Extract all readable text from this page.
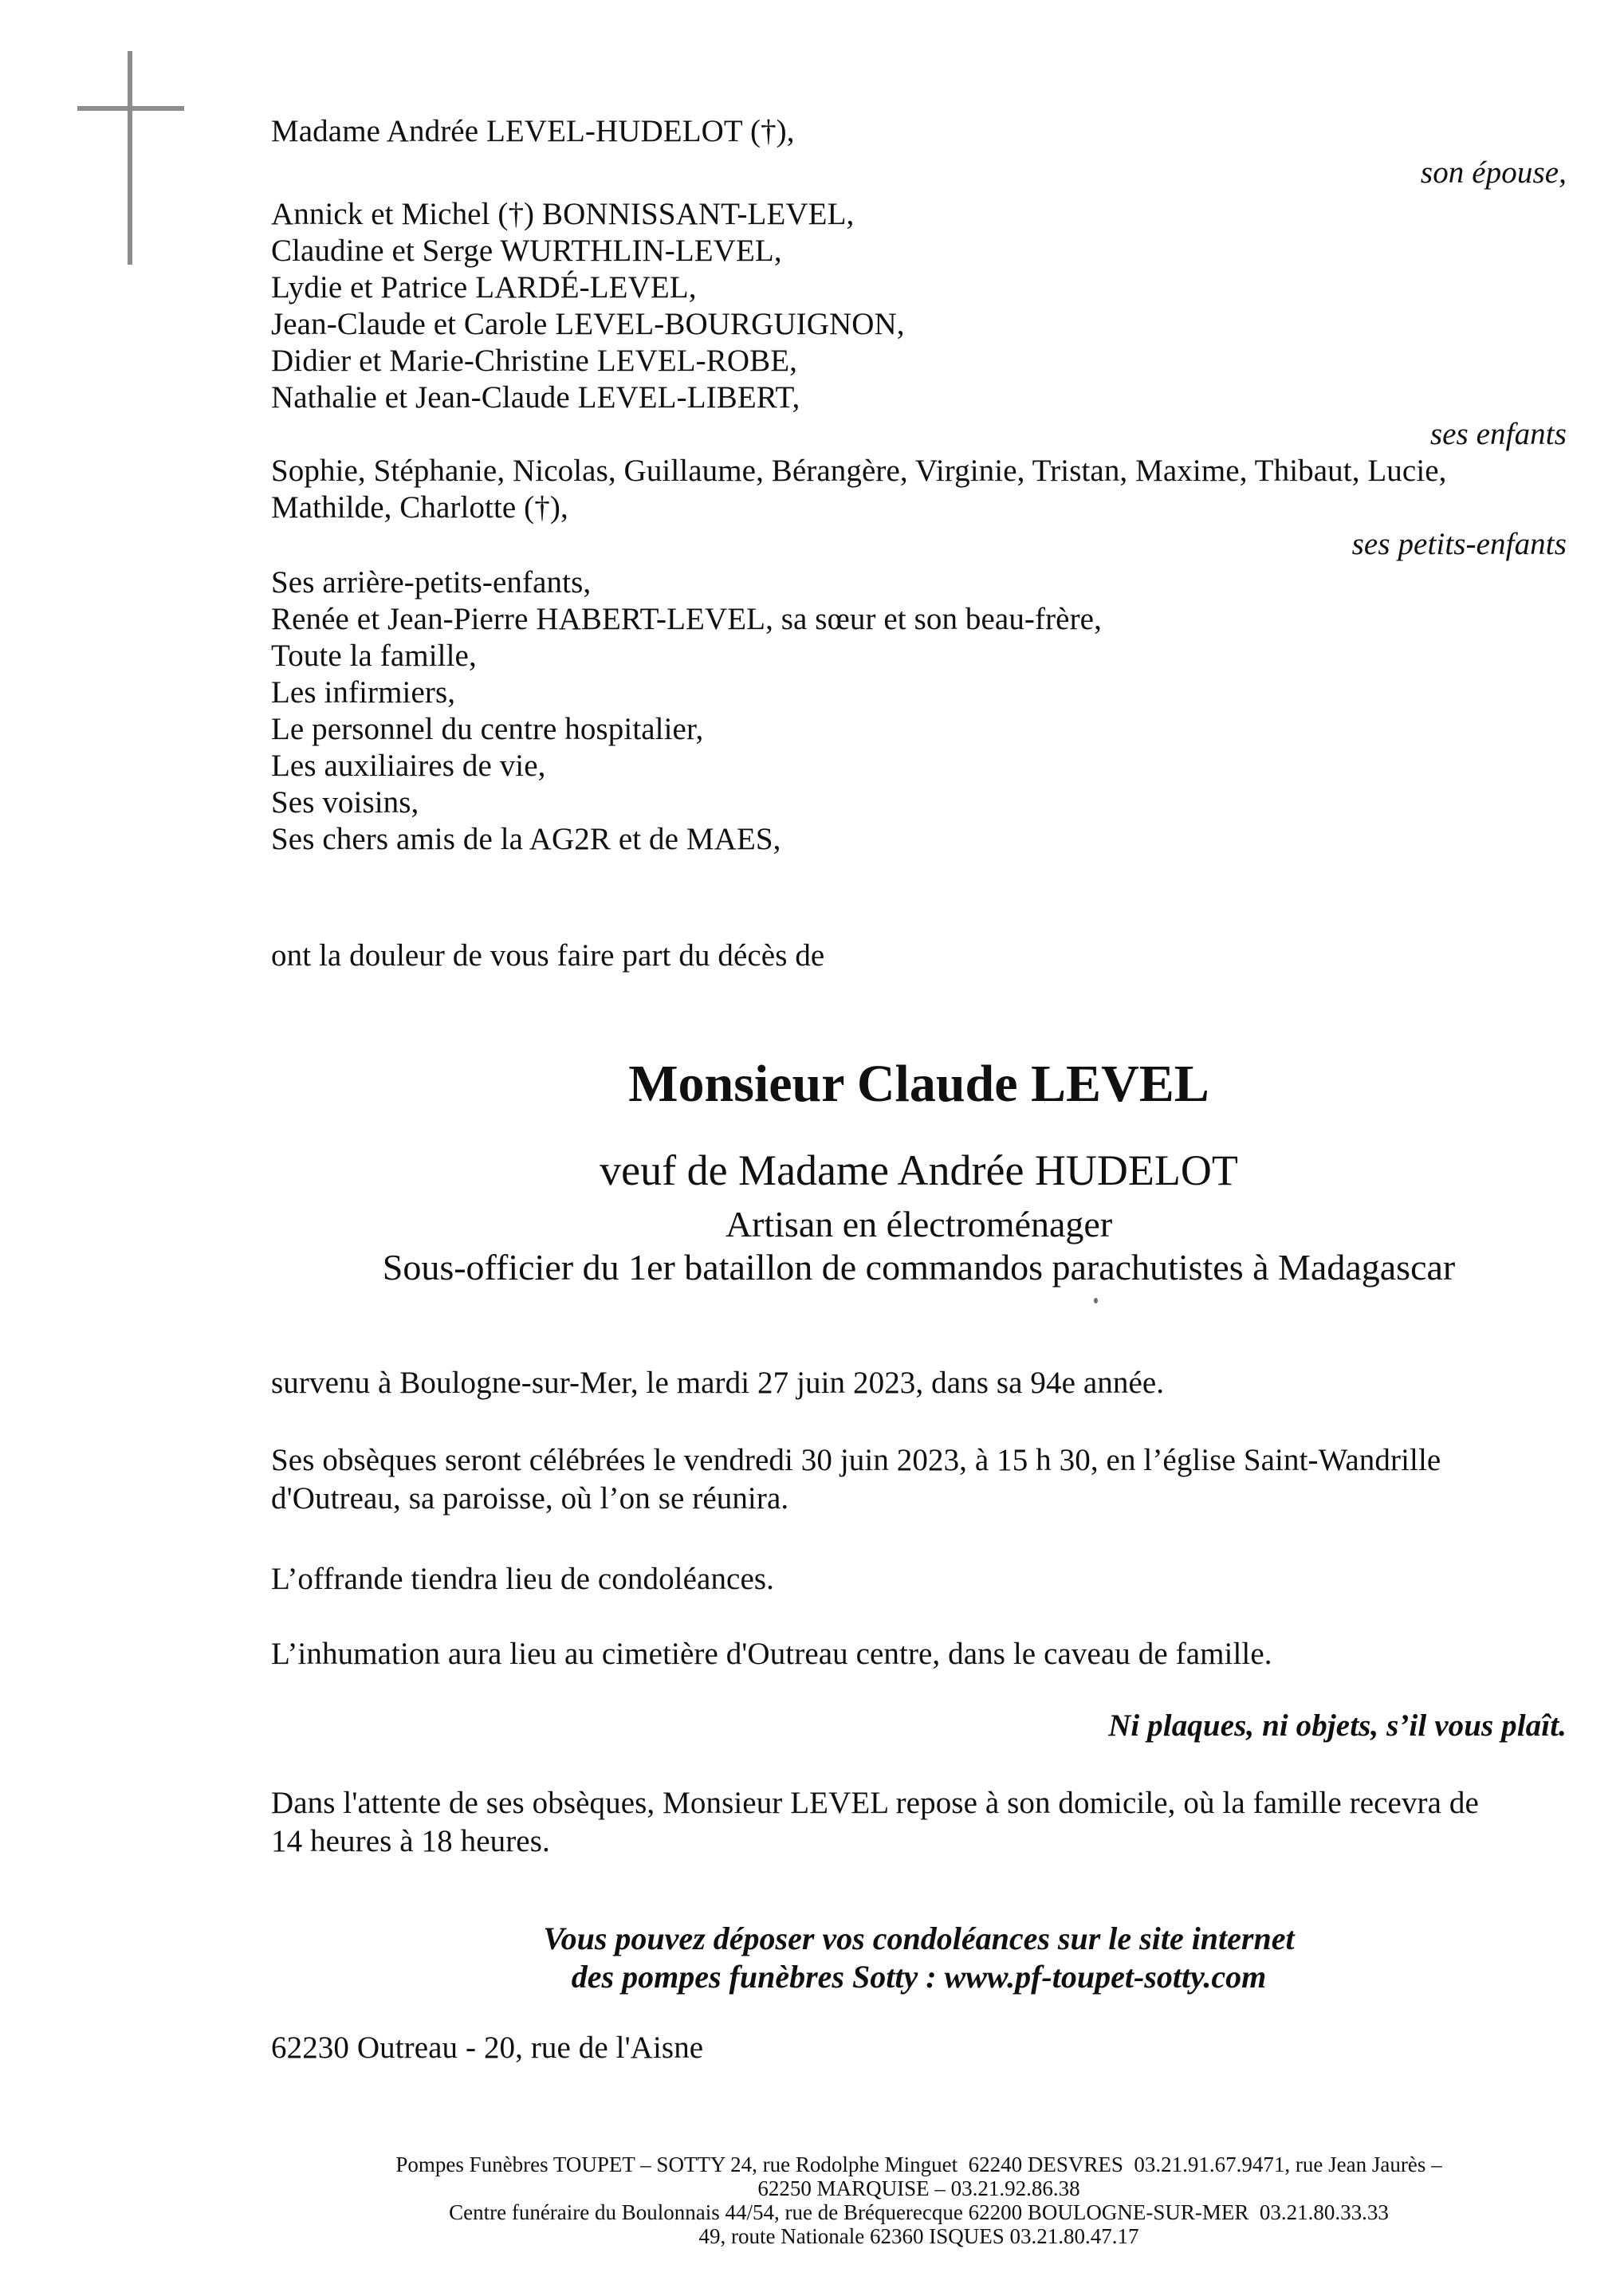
Madame Andrée LEVEL-HUDELOT (†),
son épouse,
Annick et Michel (†) BONNISSANT-LEVEL,
Claudine et Serge WURTHLIN-LEVEL,
Lydie et Patrice LARDÉ-LEVEL,
Jean-Claude et Carole LEVEL-BOURGUIGNON,
Didier et Marie-Christine LEVEL-ROBE,
Nathalie et Jean-Claude LEVEL-LIBERT,
ses enfants
Sophie, Stéphanie, Nicolas, Guillaume, Bérangère, Virginie, Tristan, Maxime, Thibaut, Lucie,
Mathilde, Charlotte (†),
ses petits-enfants
Ses arrière-petits-enfants,
Renée et Jean-Pierre HABERT-LEVEL, sa sœur et son beau-frère,
Toute la famille,
Les infirmiers,
Le personnel du centre hospitalier,
Les auxiliaires de vie,
Ses voisins,
Ses chers amis de la AG2R et de MAES,
ont la douleur de vous faire part du décès de
Monsieur Claude LEVEL
veuf de Madame Andrée HUDELOT
Artisan en électroménager
Sous-officier du 1er bataillon de commandos parachutistes à Madagascar
survenu à Boulogne-sur-Mer, le mardi 27 juin 2023, dans sa 94e année.
Ses obsèques seront célébrées le vendredi 30 juin 2023, à 15 h 30, en l’église Saint-Wandrille
d'Outreau, sa paroisse, où l’on se réunira.
L’offrande tiendra lieu de condoléances.
L’inhumation aura lieu au cimetière d'Outreau centre, dans le caveau de famille.
Ni plaques, ni objets, s’il vous plaît.
Dans l'attente de ses obsèques, Monsieur LEVEL repose à son domicile, où la famille recevra de
14 heures à 18 heures.
Vous pouvez déposer vos condoléances sur le site internet
des pompes funèbres Sotty : www.pf-toupet-sotty.com
62230 Outreau - 20, rue de l'Aisne
Pompes Funèbres TOUPET – SOTTY 24, rue Rodolphe Minguet  62240 DESVRES  03.21.91.67.9471, rue Jean Jaurès –
62250 MARQUISE – 03.21.92.86.38
Centre funéraire du Boulonnais 44/54, rue de Bréquerecque 62200 BOULOGNE-SUR-MER  03.21.80.33.33
49, route Nationale 62360 ISQUES 03.21.80.47.17
